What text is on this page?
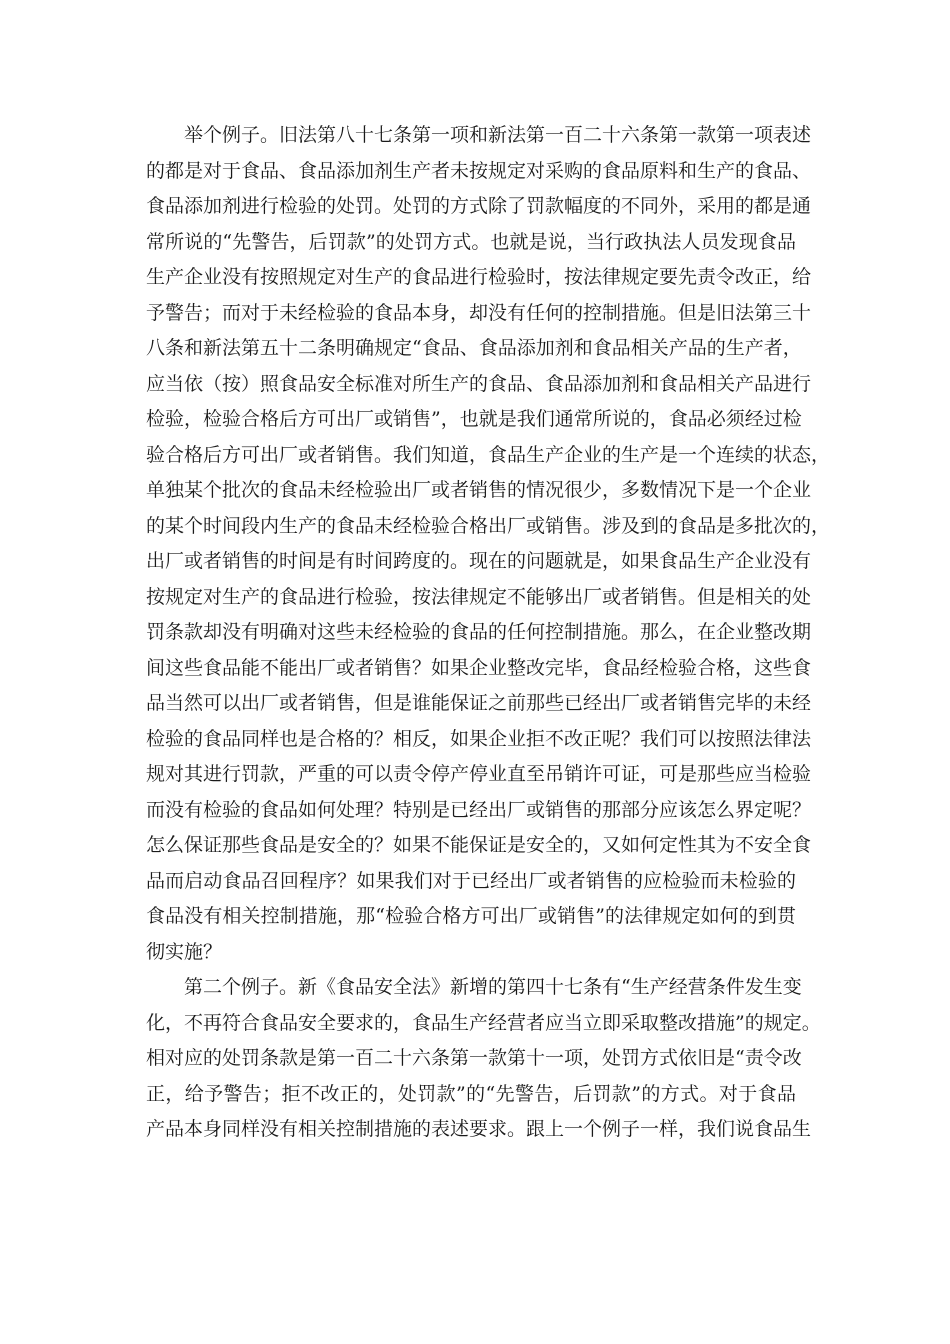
举个例子。旧法第八十七条第一项和新法第一百二十六条第一款第一项表述
的都是对于食品、食品添加剂生产者未按规定对采购的食品原料和生产的食品、
食品添加剂进行检验的处罚。处罚的方式除了罚款幅度的不同外，采用的都是通
常所说的“先警告，后罚款”的处罚方式。也就是说，当行政执法人员发现食品
生产企业没有按照规定对生产的食品进行检验时，按法律规定要先责令改正，给
予警告；而对于未经检验的食品本身，却没有任何的控制措施。但是旧法第三十
八条和新法第五十二条明确规定“食品、食品添加剂和食品相关产品的生产者，
应当依（按）照食品安全标准对所生产的食品、食品添加剂和食品相关产品进行
检验，检验合格后方可出厂或销售”，也就是我们通常所说的，食品必须经过检
验合格后方可出厂或者销售。我们知道，食品生产企业的生产是一个连续的状态，
单独某个批次的食品未经检验出厂或者销售的情况很少，多数情况下是一个企业
的某个时间段内生产的食品未经检验合格出厂或销售。涉及到的食品是多批次的，
出厂或者销售的时间是有时间跨度的。现在的问题就是，如果食品生产企业没有
按规定对生产的食品进行检验，按法律规定不能够出厂或者销售。但是相关的处
罚条款却没有明确对这些未经检验的食品的任何控制措施。那么，在企业整改期
间这些食品能不能出厂或者销售？如果企业整改完毕，食品经检验合格，这些食
品当然可以出厂或者销售，但是谁能保证之前那些已经出厂或者销售完毕的未经
检验的食品同样也是合格的？相反，如果企业拒不改正呢？我们可以按照法律法
规对其进行罚款，严重的可以责令停产停业直至吊销许可证，可是那些应当检验
而没有检验的食品如何处理？特别是已经出厂或销售的那部分应该怎么界定呢？
怎么保证那些食品是安全的？如果不能保证是安全的，又如何定性其为不安全食
品而启动食品召回程序？如果我们对于已经出厂或者销售的应检验而未检验的
食品没有相关控制措施，那“检验合格方可出厂或销售”的法律规定如何的到贯
彻实施？
第二个例子。新《食品安全法》新增的第四十七条有“生产经营条件发生变
化，不再符合食品安全要求的，食品生产经营者应当立即采取整改措施”的规定。
相对应的处罚条款是第一百二十六条第一款第十一项，处罚方式依旧是“责令改
正，给予警告；拒不改正的，处罚款”的“先警告，后罚款”的方式。对于食品
产品本身同样没有相关控制措施的表述要求。跟上一个例子一样，我们说食品生
